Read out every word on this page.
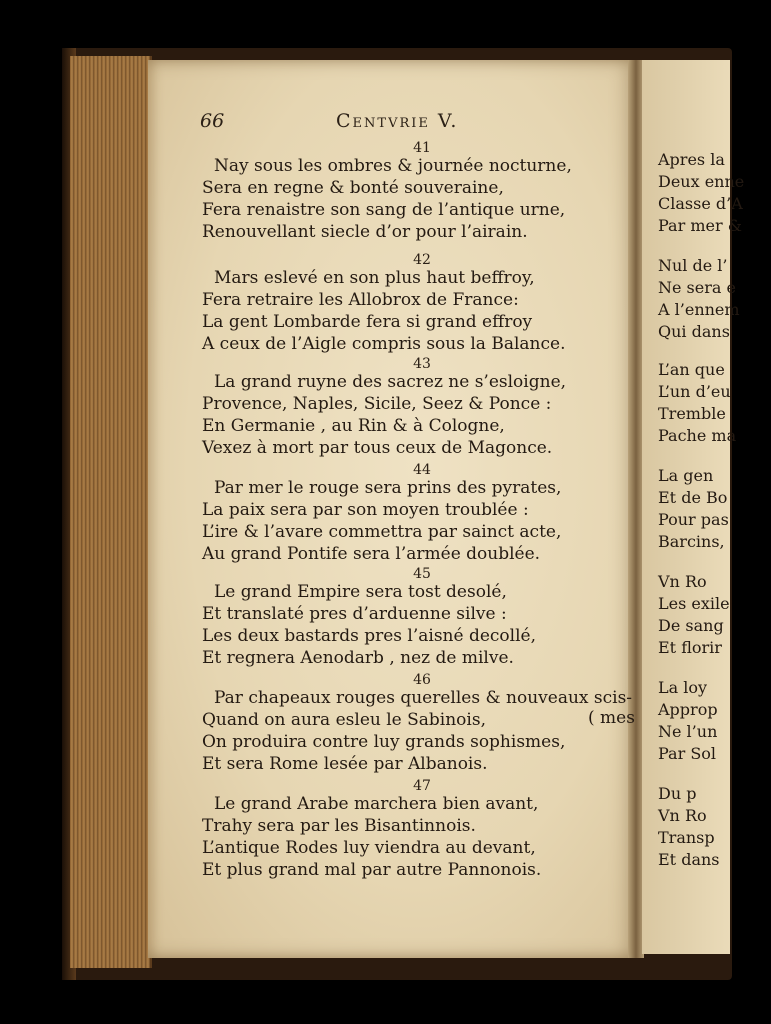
Apres la
Deux enne
Classe d’A
Par mer &
Nul de l’
Ne sera e
A l’ennem
Qui dans
L’an que
L’un d’eu
Tremble
Pache ma
La gen
Et de Bo
Pour pas
Barcins,
Vn Ro
Les exile
De sang
Et florir
La loy
Approp
Ne l’un
Par Sol
Du p
Vn Ro
Transp
Et dans
66	Centvrie V.
41
Nay sous les ombres & journée nocturne,
Sera en regne & bonté souveraine,
Fera renaistre son sang de l’antique urne,
Renouvellant siecle d’or pour l’airain.
42
Mars eslevé en son plus haut beffroy,
Fera retraire les Allobrox de France:
La gent Lombarde fera si grand effroy
A ceux de l’Aigle compris sous la Balance.
43
La grand ruyne des sacrez ne s’esloigne,
Provence, Naples, Sicile, Seez & Ponce :
En Germanie , au Rin & à Cologne,
Vexez à mort par tous ceux de Magonce.
44
Par mer le rouge sera prins des pyrates,
La paix sera par son moyen troublée :
L’ire & l’avare commettra par sainct acte,
Au grand Pontife sera l’armée doublée.
45
Le grand Empire sera tost desolé,
Et translaté pres d’arduenne silve :
Les deux bastards pres l’aisné decollé,
Et regnera Aenodarb , nez de milve.
46
Par chapeaux rouges querelles & nouveaux scis-
Quand on aura esleu le Sabinois,
On produira contre luy grands sophismes,
Et sera Rome lesée par Albanois.
47
Le grand Arabe marchera bien avant,
Trahy sera par les Bisantinnois.
L’antique Rodes luy viendra au devant,
Et plus grand mal par autre Pannonois.
( mes
